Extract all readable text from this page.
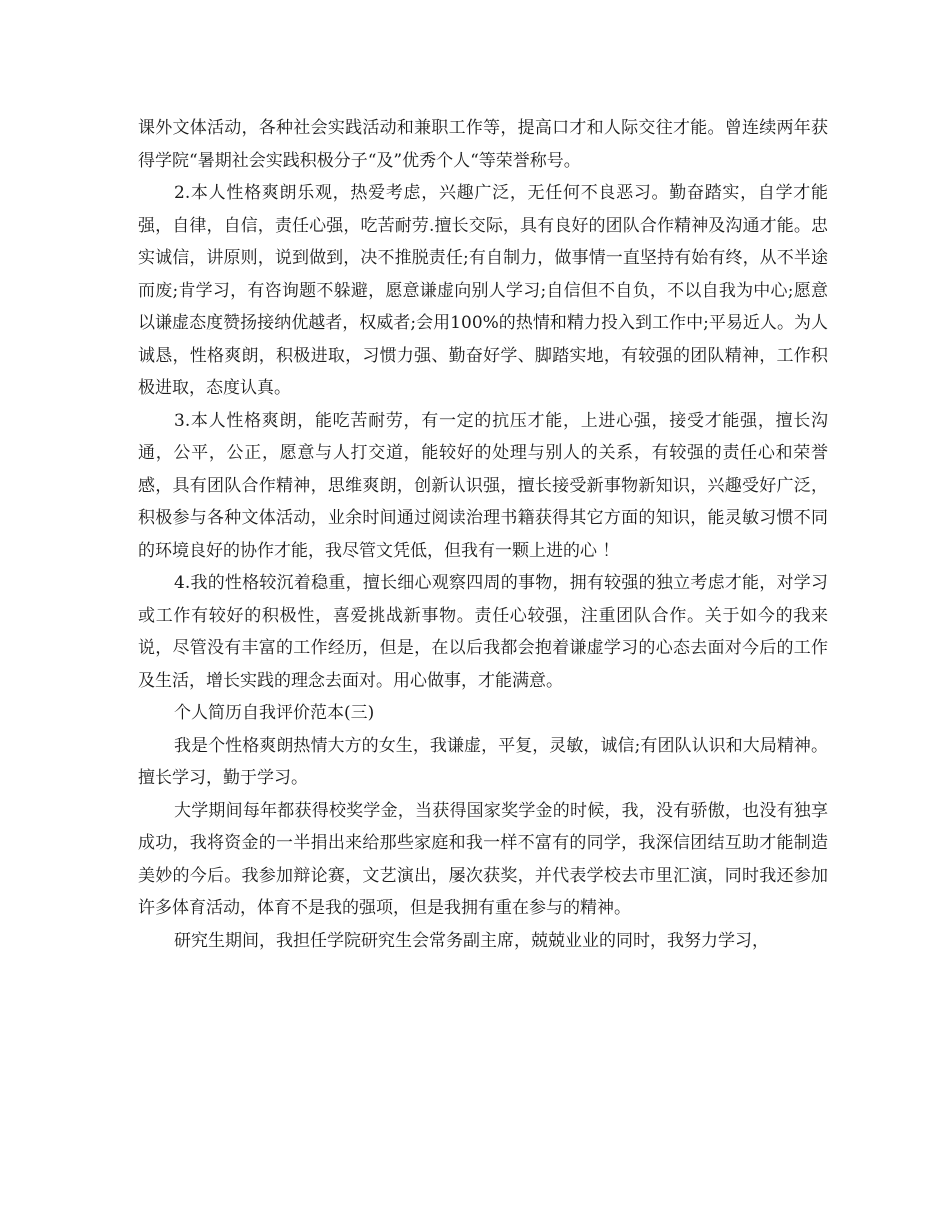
课外文体活动，各种社会实践活动和兼职工作等，提高口才和人际交往才能。曾连续两年获得学院“暑期社会实践积极分子“及”优秀个人“等荣誉称号。

2.本人性格爽朗乐观，热爱考虑，兴趣广泛，无任何不良恶习。勤奋踏实，自学才能强，自律，自信，责任心强，吃苦耐劳.擅长交际，具有良好的团队合作精神及沟通才能。忠实诚信，讲原则，说到做到，决不推脱责任;有自制力，做事情一直坚持有始有终，从不半途而废;肯学习，有咨询题不躲避，愿意谦虚向别人学习;自信但不自负，不以自我为中心;愿意以谦虚态度赞扬接纳优越者，权威者;会用100%的热情和精力投入到工作中;平易近人。为人诚恳，性格爽朗，积极进取，习惯力强、勤奋好学、脚踏实地，有较强的团队精神，工作积极进取，态度认真。

3.本人性格爽朗，能吃苦耐劳，有一定的抗压才能，上进心强，接受才能强，擅长沟通，公平，公正，愿意与人打交道，能较好的处理与别人的关系，有较强的责任心和荣誉感，具有团队合作精神，思维爽朗，创新认识强，擅长接受新事物新知识，兴趣受好广泛，积极参与各种文体活动，业余时间通过阅读治理书籍获得其它方面的知识，能灵敏习惯不同的环境良好的协作才能，我尽管文凭低，但我有一颗上进的心 ！

4.我的性格较沉着稳重，擅长细心观察四周的事物，拥有较强的独立考虑才能，对学习或工作有较好的积极性，喜爱挑战新事物。责任心较强，注重团队合作。关于如今的我来说，尽管没有丰富的工作经历，但是，在以后我都会抱着谦虚学习的心态去面对今后的工作及生活，增长实践的理念去面对。用心做事，才能满意。

个人简历自我评价范本(三)

我是个性格爽朗热情大方的女生，我谦虚，平复，灵敏，诚信;有团队认识和大局精神。擅长学习，勤于学习。

大学期间每年都获得校奖学金，当获得国家奖学金的时候，我，没有骄傲，也没有独享成功，我将资金的一半捐出来给那些家庭和我一样不富有的同学，我深信团结互助才能制造美妙的今后。我参加辩论赛，文艺演出，屡次获奖，并代表学校去市里汇演，同时我还参加许多体育活动，体育不是我的强项，但是我拥有重在参与的精神。

研究生期间，我担任学院研究生会常务副主席，兢兢业业的同时，我努力学习，
